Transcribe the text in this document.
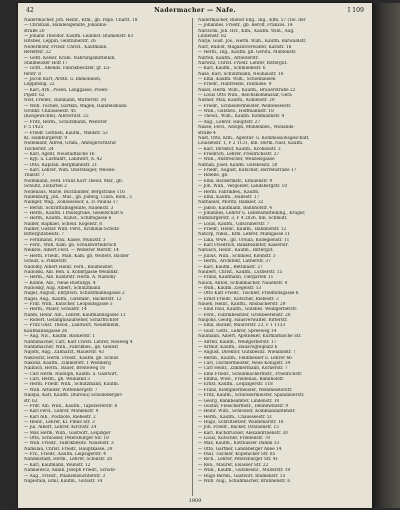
42	Nadermacher — Nafe.	I 109
Nadermacher, Joh. Heinr., Kfm., gb. Pape, Charlt. 18
— Christian, Handelsgehilfe, Johannis-
straße 20
— Johann Theodor, Kaufm. Leihinst. Blumenstr. 63
Hlfsbes, Leppin, Genthinerstr. 26
Nodermohr, Friedr. Christ., Kaufmann,
Bereffstr. 22
— Gottl. Kelser, Kram. Nahrungsmittelhdl.
Stallmeister Hoff 17
— Gottl., Abends. Fabrikbesitzer, gr. Lu-
ferstr. 8
— Jacob Kurt, Arbtn. u. Immobilien,
Leppinsbg. 22
— Karl, Arb., Posen, Langgasse, Posen-
Plpstr. 62
Nolf, Freder., Rahmann, Mutterstr. 30
— Wilh. Tucheb, Gartkin, Wagen, Handelsmann
Großkr. Chausseestr. 45
(Kilogewichte), Albrechtst. 25
— Fritz, Herm., Schutzmann, Weiterer
F 5 1425
— Friedr. Gottlieb, Kaufm., Waldstr. 53
Kl. Hamburgerstr. 9
Nodemahr, Alfred, Gram., Amtsgerichtsrat
Tischerstr. 24
— Karl, Agent, Neustädtische 16
— Kyp. u. Lustfahrt, Landwirt, A. 42
— Otto, Kapitän, Bergmannstr. 21
— Karl, Lehrer, Wilh. Obersteiger, Weisen-
Thalstr. 7
Nodemann, Ferd. Franz Kurt Theod. Mar., gb.
Schultz, Zolfarten 2
Nodenaus, Marie, Buchbinder, Bergstraße 116
Nadenburg, Joh., Mus., gb. Jodwig, Clara, Rom., 5
Nadiger, Wag., Zollassessor, a. D. Paulus 17
— Bernh. Schrifttumsgehilfe, Nauenstr. 3
— Herm., Kaufm. I Paulsgrube, Gesellschaft 6
— Herm., Kaufm., Kunst., Schiffsgasse 6
Nadler, Raphael, Scheid. Kogelstr. 8
Nadler, Gustav Wilh. Ferd., Kriminal-Schutz-
Rittergutsbesitz. 7
— Ferdinand, Frau, Kasse, Münzstr. 3
— Ferd., Wilh. Kam. gb. Schulzwirtelbruch
Neikste, Albert Ferd. — Weiterer Merstr. 14
— Herm. Friedr., Maß, Kam. gb. Wolters, Bäcker
Schulz, a. Pinkerstr.
Nadolny, Albert Heinr. Ferd., Baumeister,
Nadolski, Alb. Beh. u. Kobbrgasse Weinmkr.
— Herm., Alb. Kobbrstr. Herm. A. Nadolny
— Kobbe, Alb., Neue Rüstungs. 4
Nadolsky, Aug. Albert, Schutzmann
Nagel, August, Ehrpfsch. Schutzmannsgasse 2
Nagel, Aug., Kaufm., Gutsfabr., Bäckerstr. 12
— Frdr. Wilh., Kutscher, Leopoldsgasse 3
— Herm., Maler, Schulstr. 14
Nahm, Heinr. Alb., Lehrer, Kaufmannsgasse 13
— Robert, Gefängnisaufseher, Scharfrichter
— Fritz Gust. Theod., Landwirt, Neuenheim,
Kaufmannsgasse 26
— Aug. Nic., Kaufm. Bäckerstr. 1
Nahmmacher, Carl, Karl Christ. Lehrer, Neuweg 4
Nahmmacher, Wilh., Fabrikbes., gb. Gleinst
Najork, Aug., Zahnarzt, Mauerstr. 43
Nakowitz, Herm. Friedr., Kaufm. gb. Schulz
Nakonz, Kaufm., Zimmerstr. 1 Weinberg
Nalbach, Herm., Bauer, Breiteweg 16
— Carl Herm. Rudolph, Kaufm. u. Gastwirt,
— Carl, Herm., gb. Weinland 3
— Herm. Friedr. Wilh., Schutzmann, Kaufm.
— Wilh. Arbeiter, Wittenbergstr. 7
Nalepa, Karl, Kaufm. (Bureau) Schöneberger-
str. 62
— Frdr. Alb. Wilh., Kaufm., Tapeziererstr. 8
— Karl Ferd., Lehrer, Mühlenstr. 9
— Karl Alb., Postbote, Riebestr. 2
— Heinr., Lehrer, Kl. Pinne Str. 3
— Jul. Albert, Lehrer, Kirchstr. 24
— Max Herm. Wilh., Gastwirt, Leipziger
— Otto, Schlosser, Petersburger Str. 19
— Wilh. Friedr., Fabrikbesitz. Nauenstr. 3
Namslau, Christ. Friedr., Hauptkasse, 29
— Frz., Friedr., Kaufm. Leipzigerstr. 4
Nandelstadt, Herm., Lehrer, Schulstr. 20
— Karl, Kaufmann, Weinstr. 12
Nankiewicz, Adalb. Joseph Friedr., Schutz-
— Aug., Friedr., Pflanzenzüchterstr. 3
Napierala, Emil, Kaufm., Gutsstr. 14
Nadermacher, Rudolf Eng., Ing., Kfm. 57 (Tel. der
— Johannes, Friedr., gb. Beroff, Franzos. 14
Narischk, Joh. Hrr., Kfm., Kaufm. Wilh., Aug.
Lindenstr. 82
Narje, Gust. Jos., Herm. Wilh., Kaufm. Bärwaldstr.
Narr, Rudolf, Magazinverwalter, Karlstr. 18
— Herm., Ing., Kaufm. gb. Gersta, Mühlenstr.
Narten, Kaufm., Arbeiterstr.
Narwitz, Christ. Friedr. Lehrer, Rittergut.
— Karl, Kaufm., Schmiedestr. 6
Nase, Karl, Schutzmann, Neuhaustr. 16
— Emil, Kaufm. Wilh., Schönhausen
— Friedr., Hanfreiste, Fanmilee. 9
Nasel, Herm. Wilh., Kaufm., Brauerstraße 22
— Louis Otto Wilh., Reichskommissar, Gera
Nasner, Max, Kaufm., Kohlenstr. 29
— Friedr., Schneidermeister, Weißenseestr.
— Wilh., Gutsbes., Hoffmannstr. 18
— Theod., Wilh., Kaufm. Kohlmannstr. 4
— Aug., Lehrer, Hauptstr. 27
Nasse, Ferd., Adolph, Mühlenbes., Wielands-
straße 4
Nast, Otto, Kfm., Agentur- u. Kommissionsgeschäft,
Louisenstr. 1, F 2 1131, Inh. Herm. Nast, Kaufm.
— Karl, Direktor, Kaufm., Kronenstr. 3
— Friedrich, Lehrer, Friedrichsstr. 27
— Wilh., Anstreicher, Wenzelsgasse
Nathan, Josef, Kaufm. Gutsbesitz. 50
— Friedr., August, Kutscher, Herrenstraße 17
— Helene, gb.
— Emil, Bäckermstr., Emilienstr. 9
— Joh. Wilh., Vergolder, Landsbergstr. 10
— Herm. Fabrikbes., Kaufm.
— Emil, Kaufm., Hallestr. 17
Nathaniel, Moritz, Bankier, 22
— Jakob, Kaufmann, Bahnhofstr. 4
— Johannes, Lehrer u. Lebensmittelhdlg., Krüger,
Hamburgerstr. 3, F 4 2026, Inh. Schmidt,
— Louis, Kaufm., Gitschinerstr. 7
— Friedr., Heinr., Kaufm., Bahnhofstr. 12
Natorp, Nikol., Kfm. Lehrer, Mühlgasse 11
— Lina, Wwe., gb. Ursula, Kollegienstr. 11
— Karl Friedrich, Bankbeamter, Kaiserstr.
Natusch, Heinr., Kaufm., Rittergut.
— Julius, Wilh., Schmied, Kleinstr. 3
— Herm., Architekt, Lutherstr. 37
— Karl, Kaufm., Bettinastr. 27
Naubert, Christ., Kaufm., Lutherstr. 15
— Franz, Kaufmann, Tiergarten 11
Nauck, Anton, Schuhmacher, Nauenstr. 4
— Wilh., Kaufm. Ziegelstr. 13
— Otto Karl Friedr., Tischler, Friedhofsgasse 8
— Ernst Friedr., Kutscher, Riebestr. 3
Nauen, Heinr., Kaufm., Ansbacherstr. 29
— Emil Paul, Kaufm., Gutsbes. Weißgerberstr.
— Ferd., Fabrikbesitzer, Großbeerenstr. 20
Naujoks, Georg, Hausverwalter, Ritterstr.
— Emil, Bäcker, Maurerstr. 23, F 1 1133
— Gust. Gottl., Lehrer, Spreeweg 14
Naumann, Albert, Apotheker, Kurmärkische Str.
— Alfred, Kaufm., Weißgerberstr. 17
— Arthur, Kaufm., Hausvogteiplatz 6
— August, Direktor, Gutsbesitz. Wielandstr. 7
— Bernh., Kaufm., Feldmesser u. Lehrer 66
— Carl, Tischlermeister, Neue Königstr. 34
— Carl Heinr., Zimmermann, Körnerstr. 7
— Emil Friedr., Schuhmachermstr., Friedrichstr.
— Emma, Wwe., Friedenau, Bahnhofstr.
— Ernst, Kaufm., Leipzigerstr. 118
— Franz, Klempnermeister, Weinmeisterstr.
— Fritz, Kaufm., Schlossermeister, Spandauerstr.
— Georg, Bankbeamter, Lindenstr. 10
— Gustav, Fleischermstr., Dennewitzstr. 9
— Heinr. Wilh., Schlosser, Kommandantenstr.
— Herm., Kaufm., Chausseestr. 51
— Hugo, Schriftsetzer, Waldemarstr. 16
— Joh. Friedr., Bäcker, Oranienstr. 15
— Karl, Buchdrucker, Alexandrinenstr. 20
— Louis, Kutscher, Friedenstr. 78
— Max, Kaufm., Kottbusser Damm 33
— Otto, Gärtner, Landsberger Allee 14
— Paul, Tischler, Köpenicker Str. 85
— Rich., Lehrer, Petersburger Str. 41
— Rob., Maurer, Elsasser Str. 22
— Wilh., Kaufm., Gutsbesitz., Müllerstr. 19
— Hugo Bernh., Gastwirt, Blumenstr. 15
— Wilh. Aug., Schuhmacher, Brunnenstr. 6
1909
